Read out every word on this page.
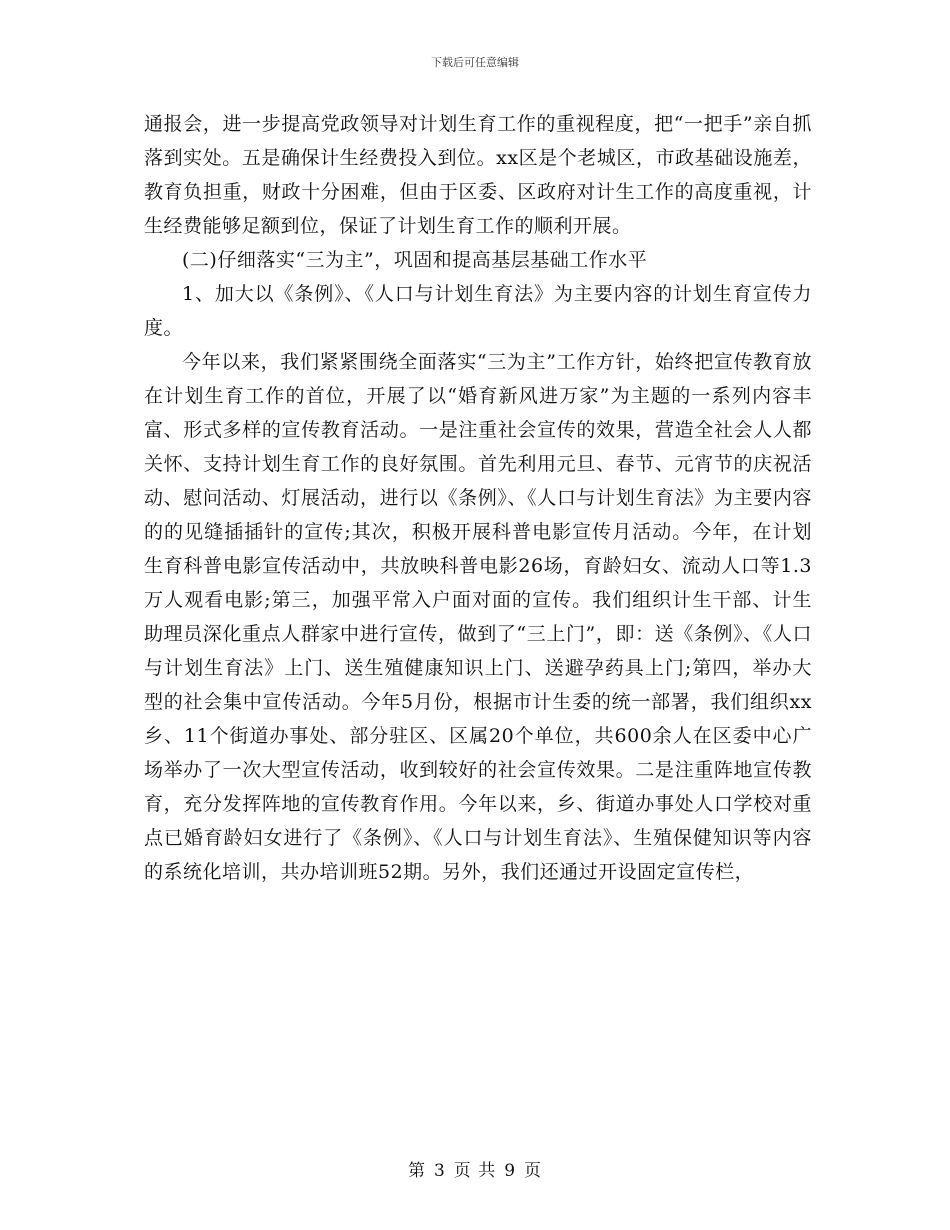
下载后可任意编辑

通报会，进一步提高党政领导对计划生育工作的重视程度，把“一把手”亲自抓落到实处。五是确保计生经费投入到位。xx区是个老城区，市政基础设施差，教育负担重，财政十分困难，但由于区委、区政府对计生工作的高度重视，计生经费能够足额到位，保证了计划生育工作的顺利开展。

(二)仔细落实“三为主”，巩固和提高基层基础工作水平

1、加大以《条例》、《人口与计划生育法》为主要内容的计划生育宣传力度。

今年以来，我们紧紧围绕全面落实“三为主”工作方针，始终把宣传教育放在计划生育工作的首位，开展了以“婚育新风进万家”为主题的一系列内容丰富、形式多样的宣传教育活动。一是注重社会宣传的效果，营造全社会人人都关怀、支持计划生育工作的良好氛围。首先利用元旦、春节、元宵节的庆祝活动、慰问活动、灯展活动，进行以《条例》、《人口与计划生育法》为主要内容的的见缝插插针的宣传;其次，积极开展科普电影宣传月活动。今年，在计划生育科普电影宣传活动中，共放映科普电影26场，育龄妇女、流动人口等1.3万人观看电影;第三，加强平常入户面对面的宣传。我们组织计生干部、计生助理员深化重点人群家中进行宣传，做到了“三上门”，即：送《条例》、《人口与计划生育法》上门、送生殖健康知识上门、送避孕药具上门;第四，举办大型的社会集中宣传活动。今年5月份，根据市计生委的统一部署，我们组织xx乡、11个街道办事处、部分驻区、区属20个单位，共600余人在区委中心广场举办了一次大型宣传活动，收到较好的社会宣传效果。二是注重阵地宣传教育，充分发挥阵地的宣传教育作用。今年以来，乡、街道办事处人口学校对重点已婚育龄妇女进行了《条例》、《人口与计划生育法》、生殖保健知识等内容的系统化培训，共办培训班52期。另外，我们还通过开设固定宣传栏，

第 3 页 共 9 页
